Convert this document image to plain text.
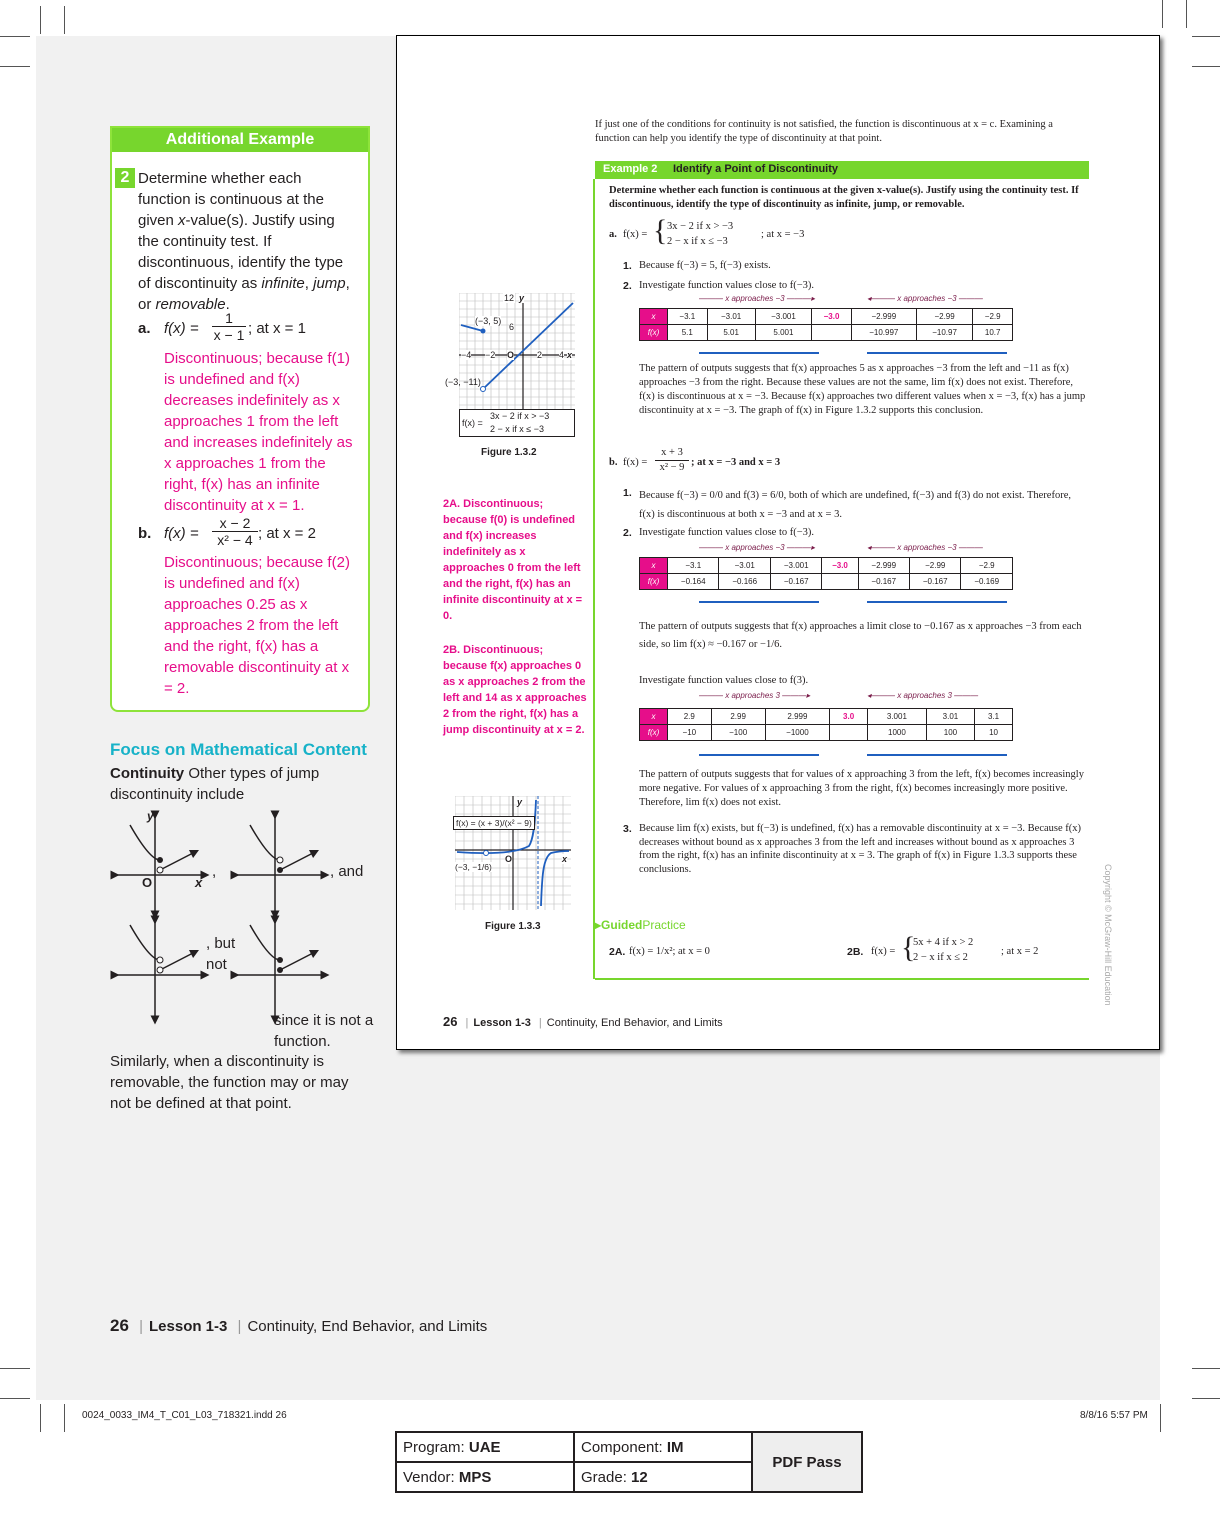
Additional Example
2 Determine whether each function is continuous at the given x-value(s). Justify using the continuity test. If discontinuous, identify the type of discontinuity as infinite, jump, or removable.
a. f(x) =
1
x − 1 ; at x = 1
Discontinuous; because f(1) is undefined and f(x) decreases indefinitely as x approaches 1 from the left and increases indefinitely as x approaches 1 from the right, f(x) has an infinite discontinuity at x = 1.
b. f(x) =
x − 2
x² − 4 ; at x = 2
Discontinuous; because f(2) is undefined and f(x) approaches 0.25 as x approaches 2 from the left and the right, f(x) has a removable discontinuity at x = 2.
Focus on Mathematical Content
Continuity Other types of jump discontinuity include
y
O	x
,	, and
, but not
since it is not a function.
Similarly, when a discontinuity is removable, the function may or may not be defined at that point.
26 | Lesson 1-3 | Continuity, End Behavior, and Limits
If just one of the conditions for continuity is not satisfied, the function is discontinuous at x = c. Examining a function can help you identify the type of discontinuity at that point.
Example 2 Identify a Point of Discontinuity
Determine whether each function is continuous at the given x-value(s). Justify using the continuity test. If discontinuous, identify the type of discontinuity as infinite, jump, or removable.
a. f(x) = { 3x − 2 if x > −3
2 − x if x ≤ −3
; at x = −3
1. Because f(−3) = 5, f(−3) exists.
2. Investigate function values close to f(−3).
——— x approaches −3 ———▸	◂——— x approaches −3 ———
x	−3.1	−3.01	−3.001	−3.0	−2.999	−2.99	−2.9
f(x)	5.1	5.01	5.001		−10.997	−10.97	10.7
The pattern of outputs suggests that f(x) approaches 5 as x approaches −3 from the left and −11 as f(x) approaches −3 from the right. Because these values are not the same, lim f(x) does not exist. Therefore, f(x) is discontinuous at x = −3. Because f(x) approaches two different values when x = −3, f(x) has a jump discontinuity at x = −3. The graph of f(x) in Figure 1.3.2 supports this conclusion.
b. f(x) =
x + 3
x² − 9 ; at x = −3 and x = 3
1. Because f(−3) = 0/0 and f(3) = 6/0, both of which are undefined, f(−3) and f(3) do not exist. Therefore, f(x) is discontinuous at both x = −3 and at x = 3.
2. Investigate function values close to f(−3).
——— x approaches −3 ———▸	◂——— x approaches −3 ———
x	−3.1	−3.01	−3.001	−3.0	−2.999	−2.99	−2.9
f(x)	−0.164	−0.166	−0.167		−0.167	−0.167	−0.169
The pattern of outputs suggests that f(x) approaches a limit close to −0.167 as x approaches −3 from each side, so lim f(x) ≈ −0.167 or −1/6.
Investigate function values close to f(3).
——— x approaches 3 ———▸	◂——— x approaches 3 ———
x	2.9	2.99	2.999	3.0	3.001	3.01	3.1
f(x)	−10	−100	−1000		1000	100	10
The pattern of outputs suggests that for values of x approaching 3 from the left, f(x) becomes increasingly more negative. For values of x approaching 3 from the right, f(x) becomes increasingly more positive. Therefore, lim f(x) does not exist.
3. Because lim f(x) exists, but f(−3) is undefined, f(x) has a removable discontinuity at x = −3. Because f(x) decreases without bound as x approaches 3 from the left and increases without bound as x approaches 3 from the right, f(x) has an infinite discontinuity at x = 3. The graph of f(x) in Figure 1.3.3 supports these conclusions.
▸GuidedPractice
2A. f(x) = 1/x²; at x = 0	2B. f(x) = {
5x + 4 if x > 2
2 − x if x ≤ 2
; at x = 2
12
6
y
x
−4 −2 O	2 4
(−3, 5)
(−3, −11)
f(x) =
3x − 2 if x > −3
2 − x if x ≤ −3
Figure 1.3.2
2A. Discontinuous; because f(0) is undefined and f(x) increases indefinitely as x approaches 0 from the left and the right, f(x) has an infinite discontinuity at x = 0.
2B. Discontinuous; because f(x) approaches 0 as x approaches 2 from the left and 14 as x approaches 2 from the right, f(x) has a jump discontinuity at x = 2.
y
x
O
f(x) = (x + 3)/(x² − 9)
(−3, −1/6)
Figure 1.3.3	Copyright © McGraw-Hill Education
26 | Lesson 1-3 | Continuity, End Behavior, and Limits
0024_0033_IM4_T_C01_L03_718321.indd 26	8/8/16 5:57 PM
Program: UAE	Component: IM	PDF Pass
Vendor: MPS	Grade: 12	
